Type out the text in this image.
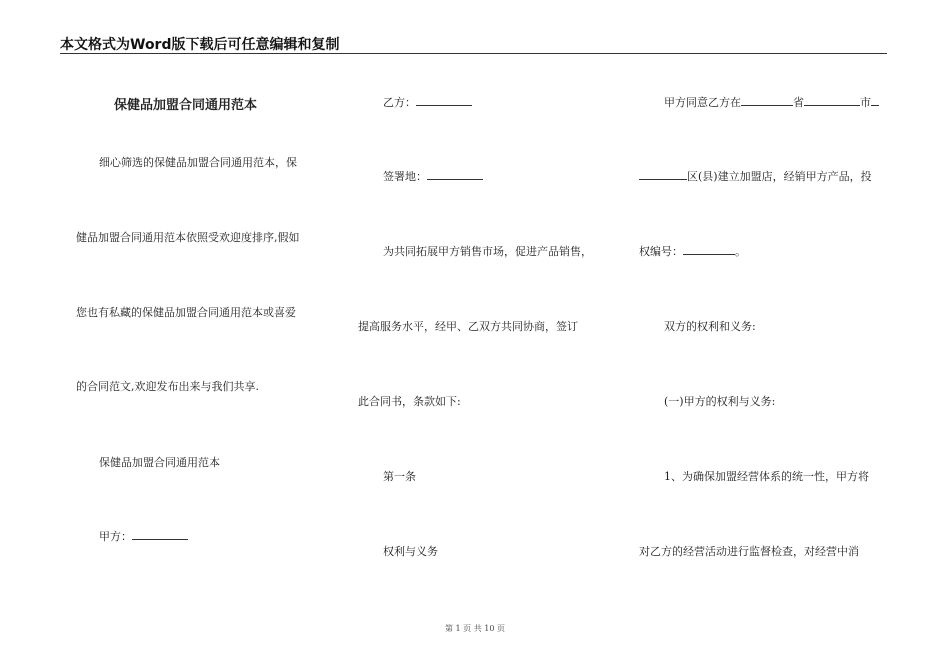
本文格式为Word版下载后可任意编辑和复制
保健品加盟合同通用范本
细心筛选的保健品加盟合同通用范本，保
健品加盟合同通用范本依照受欢迎度排序,假如
您也有私藏的保健品加盟合同通用范本或喜爱
的合同范文,欢迎发布出来与我们共享.
保健品加盟合同通用范本
甲方：
乙方：
签署地：
为共同拓展甲方销售市场，促进产品销售，
提高服务水平，经甲、乙双方共同协商，签订
此合同书，条款如下:
第一条
权利与义务
甲方同意乙方在	省	市
区(县)建立加盟店，经销甲方产品，投
权编号：	。
双方的权利和义务:
(一)甲方的权利与义务:
1、为确保加盟经营体系的统一性，甲方将
对乙方的经营活动进行监督检查，对经营中消
第 1 页 共 10 页
